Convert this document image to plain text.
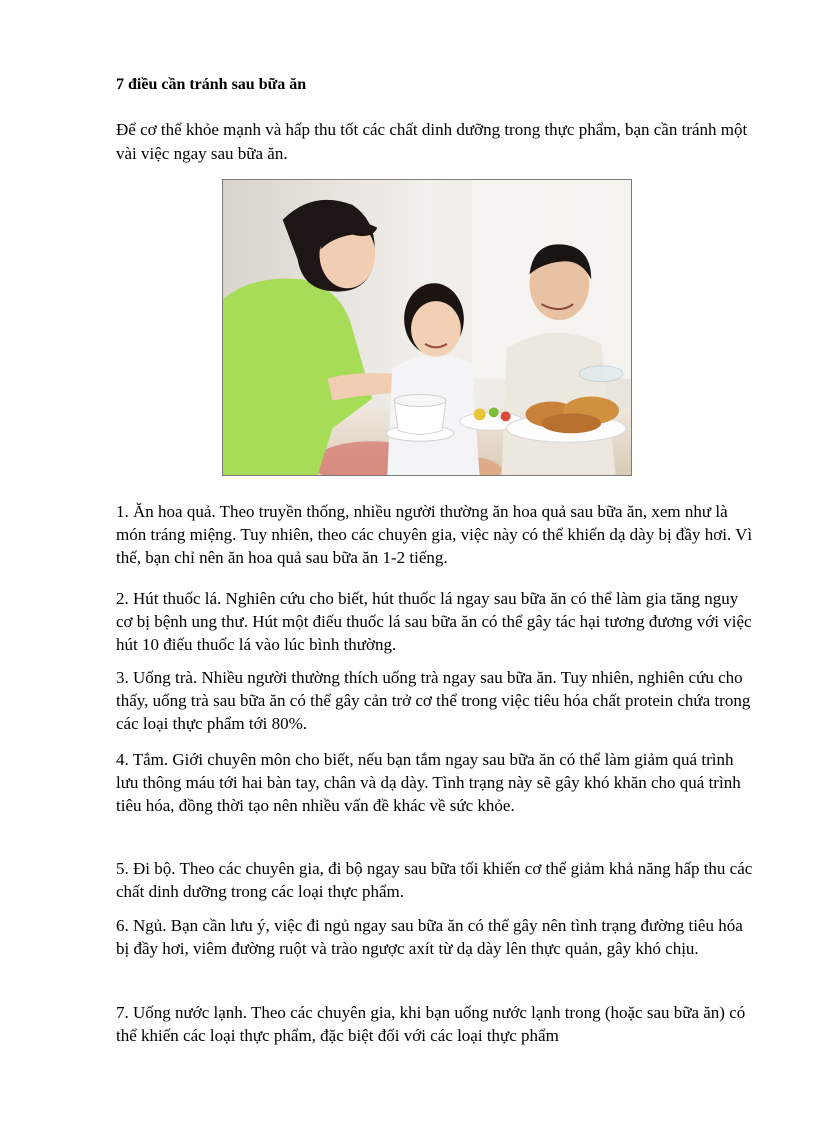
7 điều cần tránh sau bữa ăn

Để cơ thể khỏe mạnh và hấp thu tốt các chất dinh dưỡng trong thực phẩm, bạn cần tránh một vài việc ngay sau bữa ăn.

1. Ăn hoa quả. Theo truyền thống, nhiều người thường ăn hoa quả sau bữa ăn, xem như là món tráng miệng. Tuy nhiên, theo các chuyên gia, việc này có thể khiến dạ dày bị đầy hơi. Vì thế, bạn chỉ nên ăn hoa quả sau bữa ăn 1-2 tiếng.

2. Hút thuốc lá. Nghiên cứu cho biết, hút thuốc lá ngay sau bữa ăn có thể làm gia tăng nguy cơ bị bệnh ung thư. Hút một điếu thuốc lá sau bữa ăn có thể gây tác hại tương đương với việc hút 10 điếu thuốc lá vào lúc bình thường.

3. Uống trà. Nhiều người thường thích uống trà ngay sau bữa ăn. Tuy nhiên, nghiên cứu cho thấy, uống trà sau bữa ăn có thể gây cản trở cơ thể trong việc tiêu hóa chất protein chứa trong các loại thực phẩm tới 80%.

4. Tắm. Giới chuyên môn cho biết, nếu bạn tắm ngay sau bữa ăn có thể làm giảm quá trình lưu thông máu tới hai bàn tay, chân và dạ dày. Tình trạng này sẽ gây khó khăn cho quá trình tiêu hóa, đồng thời tạo nên nhiều vấn đề khác về sức khỏe.

5. Đi bộ. Theo các chuyên gia, đi bộ ngay sau bữa tối khiến cơ thể giảm khả năng hấp thu các chất dinh dưỡng trong các loại thực phẩm.

6. Ngủ. Bạn cần lưu ý, việc đi ngủ ngay sau bữa ăn có thể gây nên tình trạng đường tiêu hóa bị đầy hơi, viêm đường ruột và trào ngược axít từ dạ dày lên thực quản, gây khó chịu.

7. Uống nước lạnh. Theo các chuyên gia, khi bạn uống nước lạnh trong (hoặc sau bữa ăn) có thể khiến các loại thực phẩm, đặc biệt đối với các loại thực phẩm
